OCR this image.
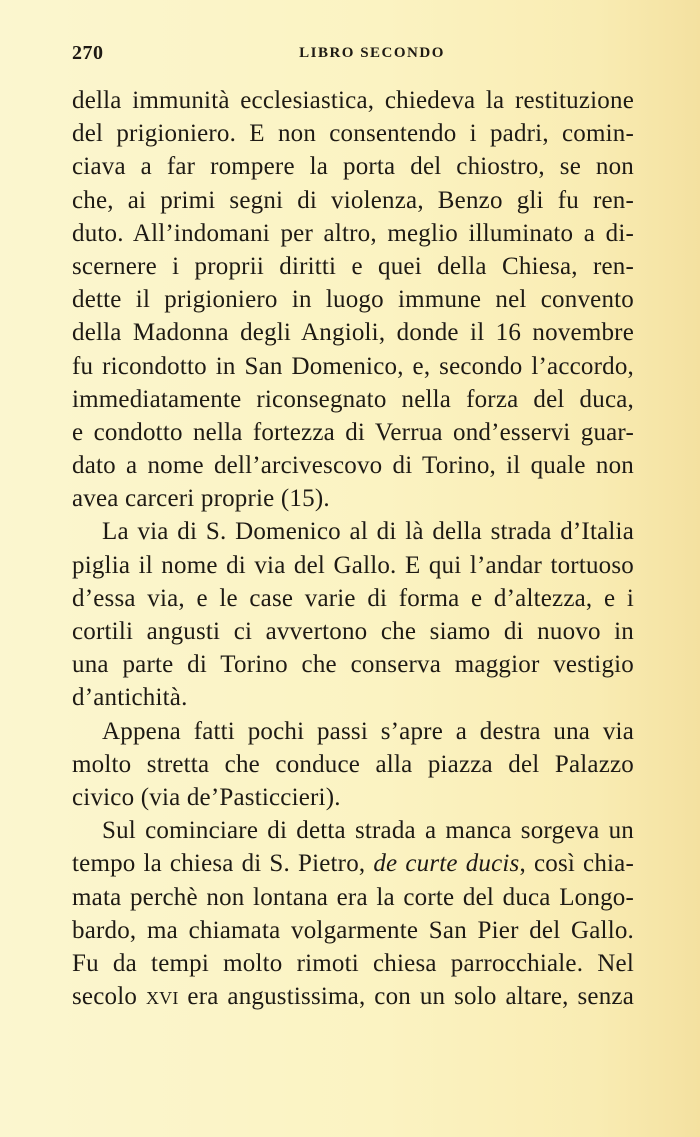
270	LIBRO SECONDO
della immunità ecclesiastica, chiedeva la restituzione
del prigioniero. E non consentendo i padri, comin-
ciava a far rompere la porta del chiostro, se non
che, ai primi segni di violenza, Benzo gli fu ren-
duto. All’indomani per altro, meglio illuminato a di-
scernere i proprii diritti e quei della Chiesa, ren-
dette il prigioniero in luogo immune nel convento
della Madonna degli Angioli, donde il 16 novembre
fu ricondotto in San Domenico, e, secondo l’accordo,
immediatamente riconsegnato nella forza del duca,
e condotto nella fortezza di Verrua ond’esservi guar-
dato a nome dell’arcivescovo di Torino, il quale non
avea carceri proprie (15).
La via di S. Domenico al di là della strada d’Italia
piglia il nome di via del Gallo. E qui l’andar tortuoso
d’essa via, e le case varie di forma e d’altezza, e i
cortili angusti ci avvertono che siamo di nuovo in
una parte di Torino che conserva maggior vestigio
d’antichità.
Appena fatti pochi passi s’apre a destra una via
molto stretta che conduce alla piazza del Palazzo
civico (via de’Pasticcieri).
Sul cominciare di detta strada a manca sorgeva un
tempo la chiesa di S. Pietro, de curte ducis, così chia-
mata perchè non lontana era la corte del duca Longo-
bardo, ma chiamata volgarmente San Pier del Gallo.
Fu da tempi molto rimoti chiesa parrocchiale. Nel
secolo xvi era angustissima, con un solo altare, senza
